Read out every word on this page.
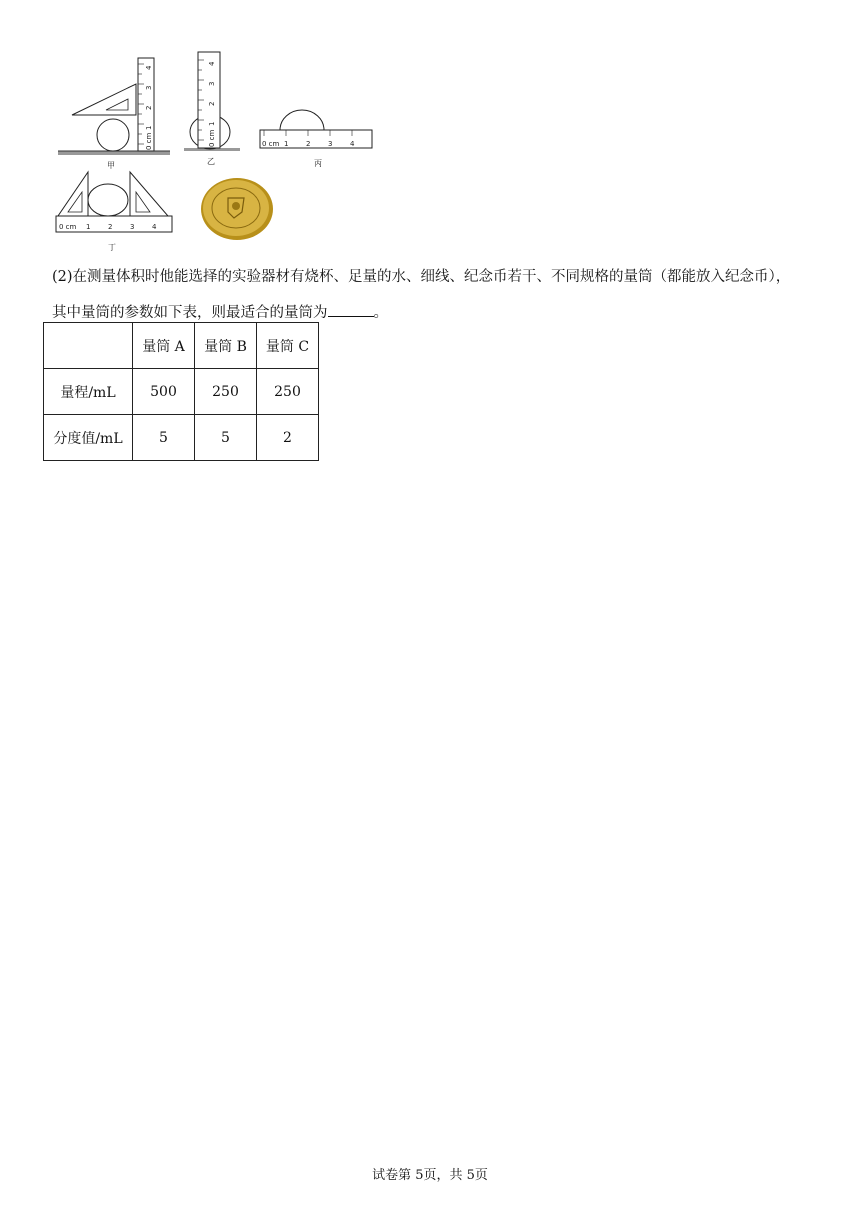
0 cm
1
2
3
4
甲
0 cm
1
2
3
4
乙
0 cm 1	2	3	4
丙
0 cm 1	2	3	4
丁

(2)在测量体积时他能选择的实验器材有烧杯、足量的水、细线、纪念币若干、不同规格的量筒（都能放入纪念币），

其中量筒的参数如下表，则最适合的量筒为	。

	量筒 A	量筒 B	量筒 C
量程/mL	500	250	250
分度值/mL	5	5	2
试卷第 5页，共 5页
